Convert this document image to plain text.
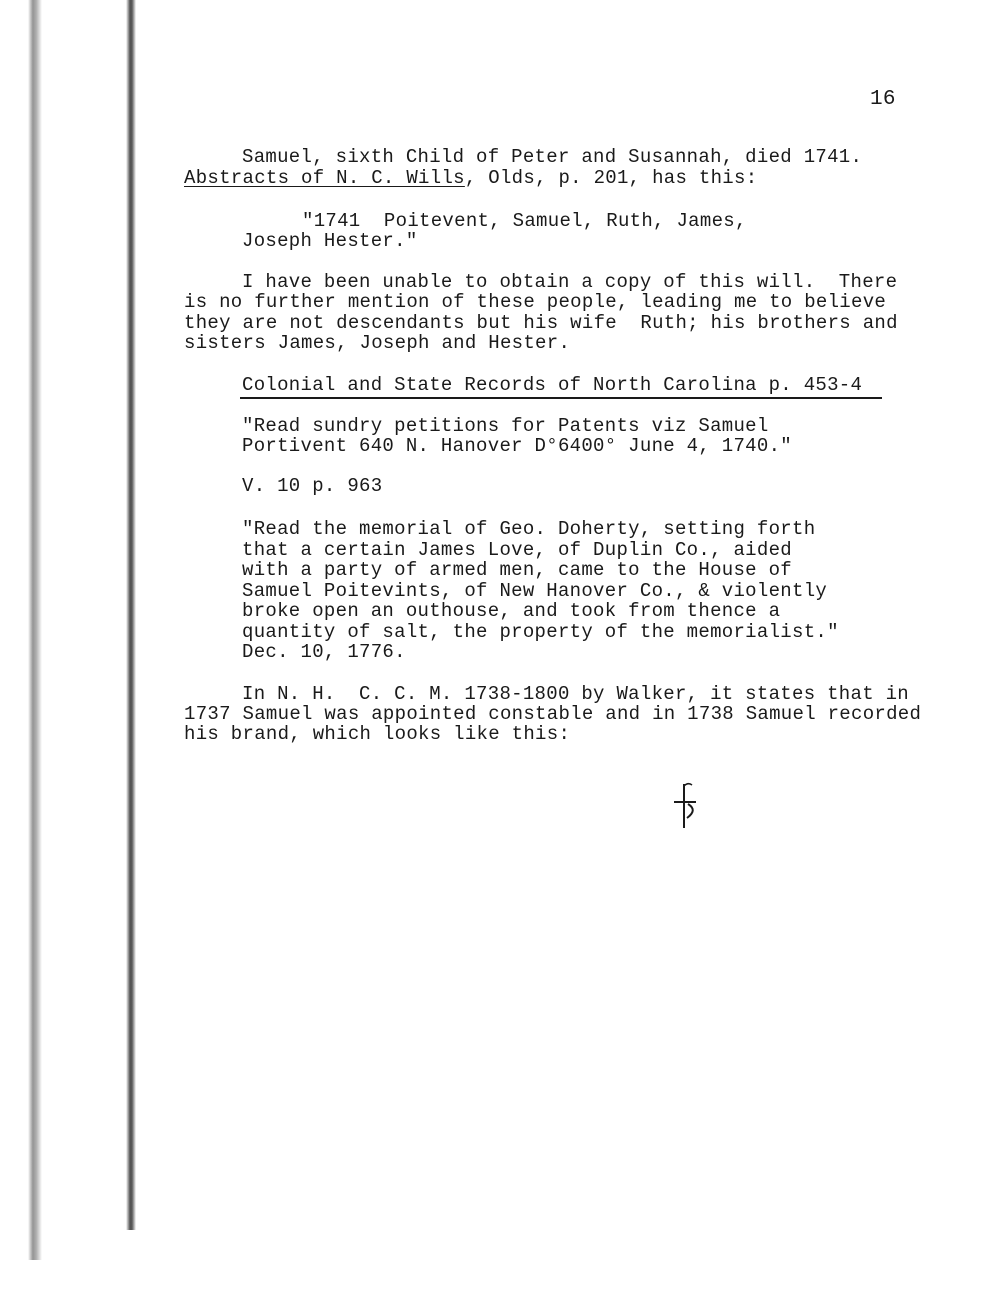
16
Samuel, sixth Child of Peter and Susannah, died 1741.
Abstracts of N. C. Wills, Olds, p. 201, has this:
"1741  Poitevent, Samuel, Ruth, James,
Joseph Hester."
I have been unable to obtain a copy of this will.  There
is no further mention of these people, leading me to believe
they are not descendants but his wife  Ruth; his brothers and
sisters James, Joseph and Hester.
Colonial and State Records of North Carolina p. 453-4
"Read sundry petitions for Patents viz Samuel
Portivent 640 N. Hanover D°6400° June 4, 1740."
V. 10 p. 963
"Read the memorial of Geo. Doherty, setting forth
that a certain James Love, of Duplin Co., aided
with a party of armed men, came to the House of
Samuel Poitevints, of New Hanover Co., & violently
broke open an outhouse, and took from thence a
quantity of salt, the property of the memorialist."
Dec. 10, 1776.
In N. H.  C. C. M. 1738-1800 by Walker, it states that in
1737 Samuel was appointed constable and in 1738 Samuel recorded
his brand, which looks like this:
